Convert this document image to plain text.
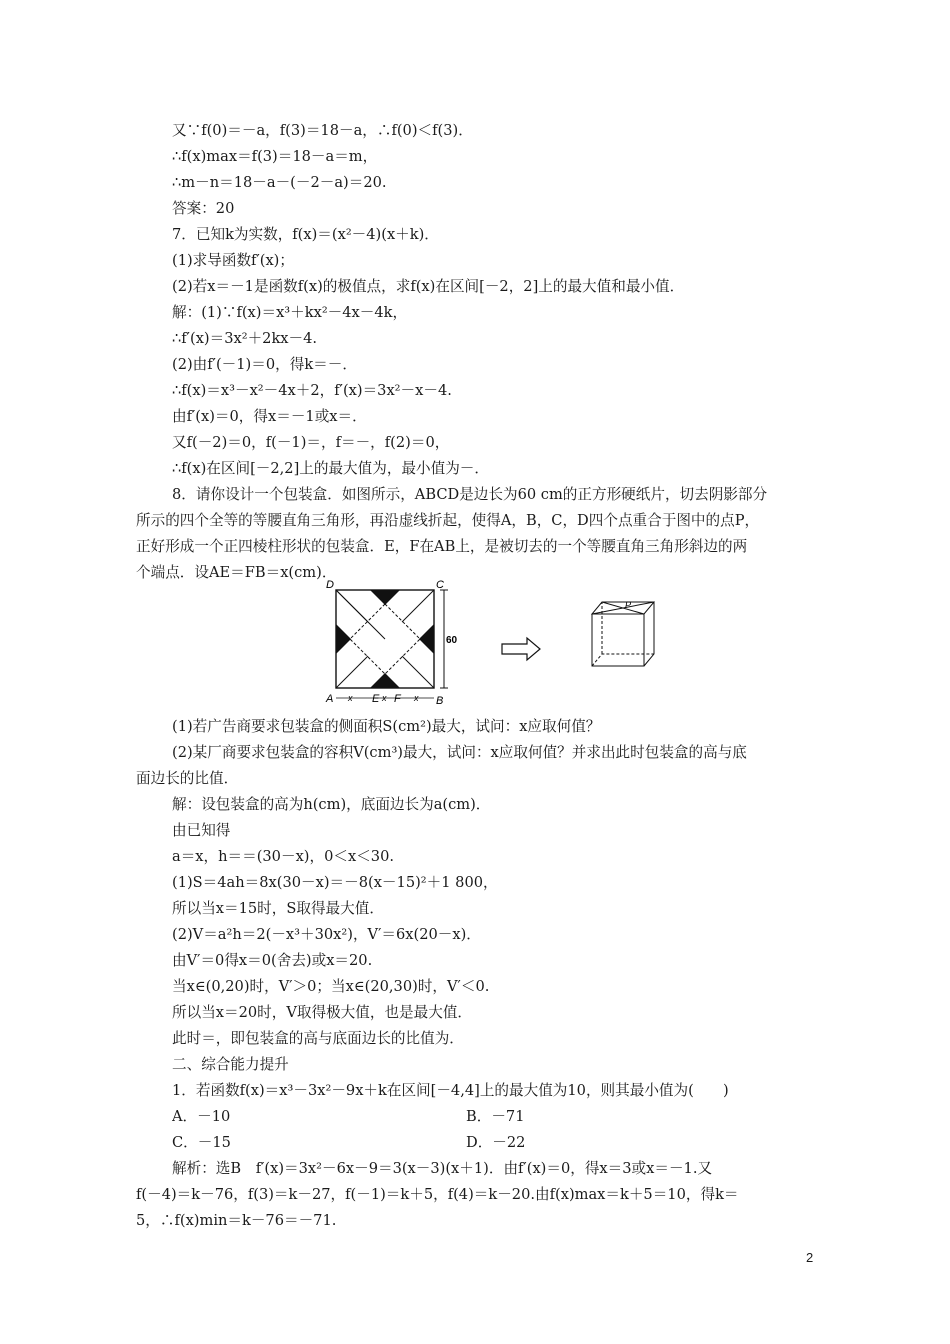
又∵f(0)＝－a，f(3)＝18－a，∴f(0)＜f(3)．
∴f(x)max＝f(3)＝18－a＝m，
∴m－n＝18－a－(－2－a)＝20.
答案：20
7．已知k为实数，f(x)＝(x²－4)(x＋k)．
(1)求导函数f′(x)；
(2)若x＝－1是函数f(x)的极值点，求f(x)在区间[－2，2]上的最大值和最小值．
解：(1)∵f(x)＝x³＋kx²－4x－4k，
∴f′(x)＝3x²＋2kx－4.
(2)由f′(－1)＝0，得k＝－．
∴f(x)＝x³－x²－4x＋2，f′(x)＝3x²－x－4.
由f′(x)＝0，得x＝－1或x＝．
又f(－2)＝0，f(－1)＝，f＝－，f(2)＝0，
∴f(x)在区间[－2,2]上的最大值为，最小值为－．
8．请你设计一个包装盒．如图所示，ABCD是边长为60 cm的正方形硬纸片，切去阴影部分
所示的四个全等的等腰直角三角形，再沿虚线折起，使得A，B，C，D四个点重合于图中的点P，
正好形成一个正四棱柱形状的包装盒．E，F在AB上，是被切去的一个等腰直角三角形斜边的两
个端点．设AE＝FB＝x(cm)．
D	C
A	E F	B
60
x	x	x
P
(1)若广告商要求包装盒的侧面积S(cm²)最大，试问：x应取何值？
(2)某厂商要求包装盒的容积V(cm³)最大，试问：x应取何值？并求出此时包装盒的高与底
面边长的比值．
解：设包装盒的高为h(cm)，底面边长为a(cm)．
由已知得
a＝x，h＝＝(30－x)，0＜x＜30.
(1)S＝4ah＝8x(30－x)＝－8(x－15)²＋1 800，
所以当x＝15时，S取得最大值．
(2)V＝a²h＝2(－x³＋30x²)，V′＝6x(20－x)．
由V′＝0得x＝0(舍去)或x＝20.
当x∈(0,20)时，V′＞0；当x∈(20,30)时，V′＜0.
所以当x＝20时，V取得极大值，也是最大值．
此时＝，即包装盒的高与底面边长的比值为．
二、综合能力提升
1．若函数f(x)＝x³－3x²－9x＋k在区间[－4,4]上的最大值为10，则其最小值为(　　)
A．－10	B．－71
C．－15	D．－22
解析：选B　f′(x)＝3x²－6x－9＝3(x－3)(x＋1)．由f′(x)＝0，得x＝3或x＝－1.又
f(－4)＝k－76，f(3)＝k－27，f(－1)＝k＋5，f(4)＝k－20.由f(x)max＝k＋5＝10，得k＝
5，∴f(x)min＝k－76＝－71.
2
